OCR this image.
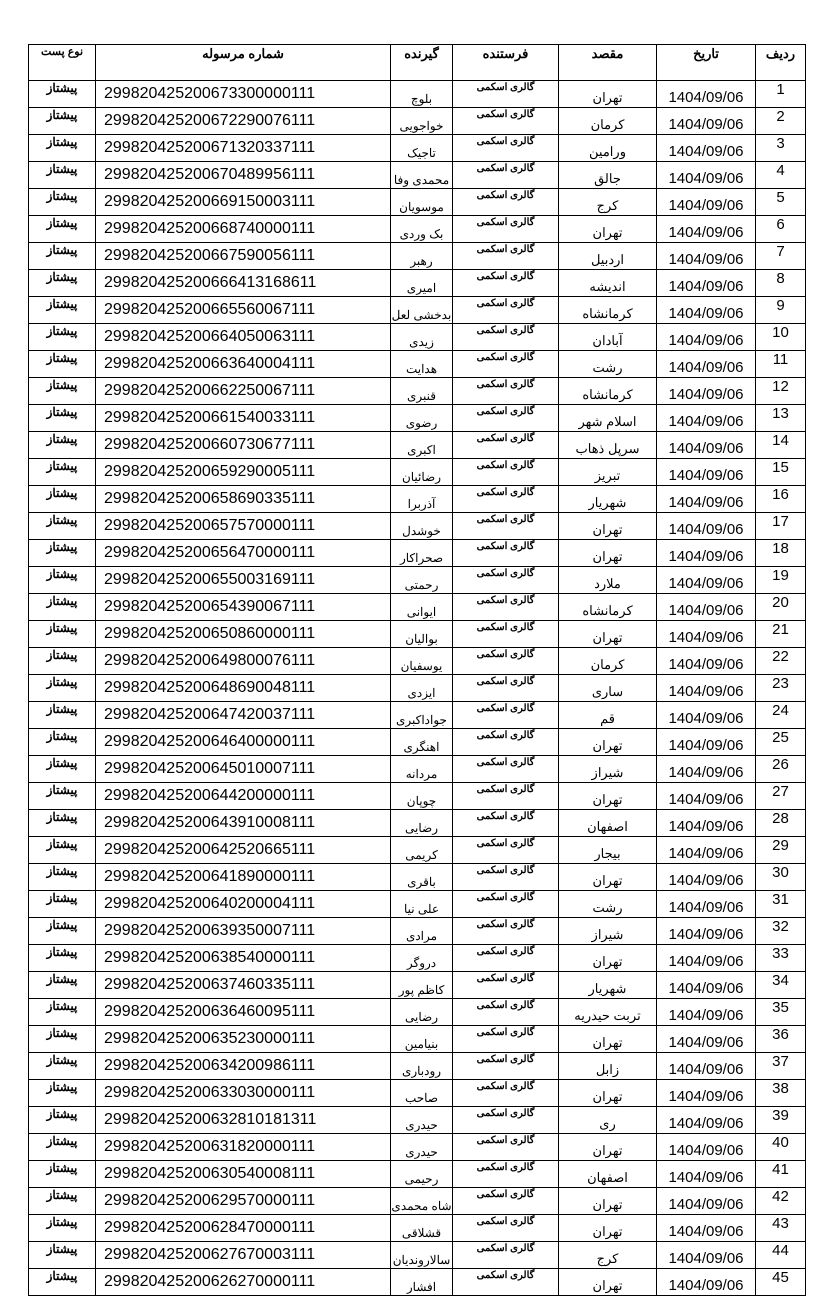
ردیف	تاریخ	مقصد	فرستنده	گیرنده	شماره مرسوله	نوع پست
1	1404/09/06	تهران	گالری اسکمی	بلوچ	299820425200673300000111	پیشتاز
2	1404/09/06	کرمان	گالری اسکمی	خواجویی	299820425200672290076111	پیشتاز
3	1404/09/06	ورامین	گالری اسکمی	تاجیک	299820425200671320337111	پیشتاز
4	1404/09/06	جالق	گالری اسکمی	محمدی وفا	299820425200670489956111	پیشتاز
5	1404/09/06	کرج	گالری اسکمی	موسویان	299820425200669150003111	پیشتاز
6	1404/09/06	تهران	گالری اسکمی	بک وردی	299820425200668740000111	پیشتاز
7	1404/09/06	اردبیل	گالری اسکمی	رهبر	299820425200667590056111	پیشتاز
8	1404/09/06	اندیشه	گالری اسکمی	امیری	299820425200666413168611	پیشتاز
9	1404/09/06	کرمانشاه	گالری اسکمی	بدخشی لعل	299820425200665560067111	پیشتاز
10	1404/09/06	آبادان	گالری اسکمی	زیدی	299820425200664050063111	پیشتاز
11	1404/09/06	رشت	گالری اسکمی	هدایت	299820425200663640004111	پیشتاز
12	1404/09/06	کرمانشاه	گالری اسکمی	قنبری	299820425200662250067111	پیشتاز
13	1404/09/06	اسلام شهر	گالری اسکمی	رضوی	299820425200661540033111	پیشتاز
14	1404/09/06	سرپل ذهاب	گالری اسکمی	اکبری	299820425200660730677111	پیشتاز
15	1404/09/06	تبریز	گالری اسکمی	رضائیان	299820425200659290005111	پیشتاز
16	1404/09/06	شهریار	گالری اسکمی	آذربرا	299820425200658690335111	پیشتاز
17	1404/09/06	تهران	گالری اسکمی	خوشدل	299820425200657570000111	پیشتاز
18	1404/09/06	تهران	گالری اسکمی	صحراکار	299820425200656470000111	پیشتاز
19	1404/09/06	ملارد	گالری اسکمی	رحمتی	299820425200655003169111	پیشتاز
20	1404/09/06	کرمانشاه	گالری اسکمی	ایوانی	299820425200654390067111	پیشتاز
21	1404/09/06	تهران	گالری اسکمی	بوالیان	299820425200650860000111	پیشتاز
22	1404/09/06	کرمان	گالری اسکمی	یوسفیان	299820425200649800076111	پیشتاز
23	1404/09/06	ساری	گالری اسکمی	ایزدی	299820425200648690048111	پیشتاز
24	1404/09/06	قم	گالری اسکمی	جواداکبری	299820425200647420037111	پیشتاز
25	1404/09/06	تهران	گالری اسکمی	اهنگری	299820425200646400000111	پیشتاز
26	1404/09/06	شیراز	گالری اسکمی	مردانه	299820425200645010007111	پیشتاز
27	1404/09/06	تهران	گالری اسکمی	چوپان	299820425200644200000111	پیشتاز
28	1404/09/06	اصفهان	گالری اسکمی	رضایی	299820425200643910008111	پیشتاز
29	1404/09/06	بیجار	گالری اسکمی	کریمی	299820425200642520665111	پیشتاز
30	1404/09/06	تهران	گالری اسکمی	باقری	299820425200641890000111	پیشتاز
31	1404/09/06	رشت	گالری اسکمی	علی نیا	299820425200640200004111	پیشتاز
32	1404/09/06	شیراز	گالری اسکمی	مرادی	299820425200639350007111	پیشتاز
33	1404/09/06	تهران	گالری اسکمی	دروگر	299820425200638540000111	پیشتاز
34	1404/09/06	شهریار	گالری اسکمی	کاظم پور	299820425200637460335111	پیشتاز
35	1404/09/06	تربت حیدریه	گالری اسکمی	رضایی	299820425200636460095111	پیشتاز
36	1404/09/06	تهران	گالری اسکمی	بنیامین	299820425200635230000111	پیشتاز
37	1404/09/06	زابل	گالری اسکمی	رودباری	299820425200634200986111	پیشتاز
38	1404/09/06	تهران	گالری اسکمی	صاحب	299820425200633030000111	پیشتاز
39	1404/09/06	ری	گالری اسکمی	حیدری	299820425200632810181311	پیشتاز
40	1404/09/06	تهران	گالری اسکمی	حیدری	299820425200631820000111	پیشتاز
41	1404/09/06	اصفهان	گالری اسکمی	رحیمی	299820425200630540008111	پیشتاز
42	1404/09/06	تهران	گالری اسکمی	شاه محمدی	299820425200629570000111	پیشتاز
43	1404/09/06	تهران	گالری اسکمی	قشلاقی	299820425200628470000111	پیشتاز
44	1404/09/06	کرج	گالری اسکمی	سالاروندیان	299820425200627670003111	پیشتاز
45	1404/09/06	تهران	گالری اسکمی	افشار	299820425200626270000111	پیشتاز
